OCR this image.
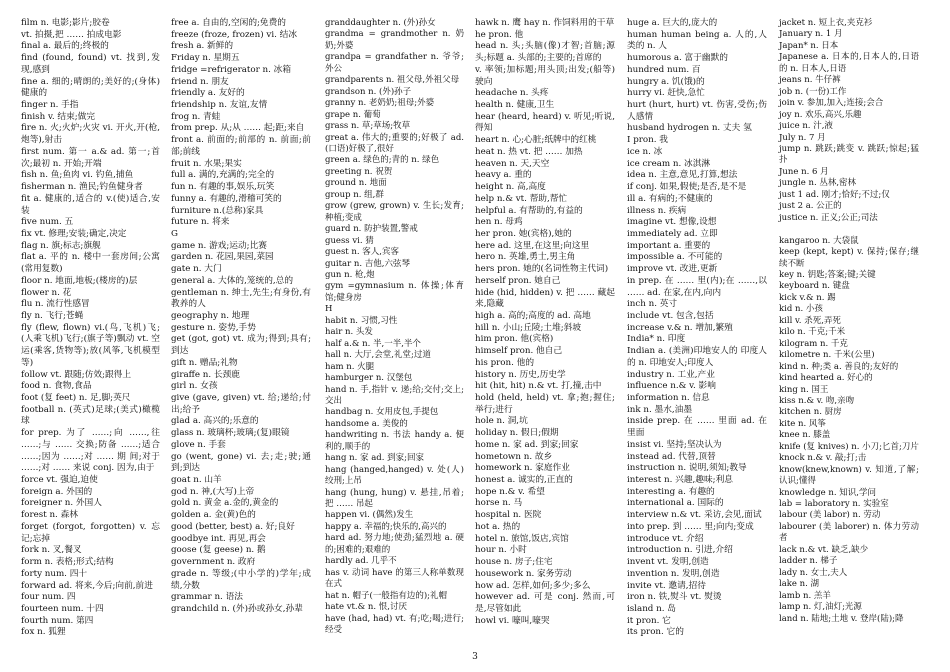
film n. 电影;影片;胶卷

vt. 拍摄,把 …… 拍成电影

final a. 最后的;终极的

find (found, found) vt. 找到,发现,感到

fine a. 细的;晴朗的;美好的;(身体)健康的

finger n. 手指

finish v. 结束;做完

fire n. 火;火炉;火灾 vi. 开火,开(枪,炮等),射击

first num. 第一 a.& ad. 第一;首次;最初 n. 开始;开端

fish n. 鱼;鱼肉 vi. 钓鱼,捕鱼

fisherman n. 渔民;钓鱼健身者

fit a. 健康的,适合的 v.(使)适合,安装

five num. 五

fix vt. 修理;安装;确定,决定

flag n. 旗;标志;旗舰

flat a. 平的 n. 楼中一套房间;公寓(常用复数)

floor n. 地面,地板;(楼房的)层

flower n. 花

flu n. 流行性感冒

fly n. 飞行;苍蝇

fly (flew, flown) vi.(鸟,飞机)飞;(人乘飞机)飞行;(旗子等)飘动 vt. 空运(乘客,货物等);放(风筝,飞机模型等)

follow vt. 跟随;仿效;跟得上

food n. 食物,食品

foot (复 feet) n. 足,脚;英尺

football n. (英式)足球;(美式)橄榄球

for prep. 为了 ……;向 ……,往 ……;与 …… 交换;防备 ……;适合 ……;因为 ……;对 …… 期 间;对于 ……;对 …… 来说 conj. 因为,由于

force vt. 强迫,迫使

foreign a. 外国的

foreigner n. 外国人

forest n. 森林

forget (forgot, forgotten) v. 忘记;忘掉

fork n. 叉,餐叉

form n. 表格;形式;结构

forty num. 四十

forward ad. 将来,今后;向前,前进

four num. 四

fourteen num. 十四

fourth num. 第四

fox n. 狐狸

free a. 自由的,空闲的;免费的

freeze (froze, frozen) vi. 结冰

fresh a. 新鲜的

Friday n. 星期五

fridge =refrigerator n. 冰箱

friend n. 朋友

friendly a. 友好的

friendship n. 友谊,友情

frog n. 青蛙

from prep. 从;从 …… 起;距;来自

front a. 前面的;前部的 n. 前面;前部;前线

fruit n. 水果;果实

full a. 满的,充满的;完全的

fun n. 有趣的事,娱乐,玩笑

funny a. 有趣的,滑稽可笑的

furniture n.(总称)家具

future n. 将来

G

game n. 游戏;运动;比赛

garden n. 花园,果园,菜园

gate n. 大门

general a. 大体的,笼统的,总的

gentleman n. 绅士,先生;有身份,有教养的人

geography n. 地理

gesture n. 姿势,手势

get (got, got) vt. 成为;得到;具有;到达

gift n. 赠品;礼物

giraffe n. 长颈鹿

girl n. 女孩

give (gave, given) vt. 给;递给;付出;给予

glad a. 高兴的;乐意的

glass n. 玻璃杯;玻璃;(复)眼镜

glove n. 手套

go (went, gone) vi. 去;走;驶;通到;到达

goat n. 山羊

god n. 神,(大写)上帝

gold n. 黄金 a.金的,黄金的

golden a. 金(黄)色的

good (better, best) a. 好;良好

goodbye int. 再见,再会

goose (复 geese) n. 鹅

government n. 政府

grade n. 等级;(中小学的)学年;成绩,分数

grammar n. 语法

grandchild n. (外)孙或孙女,孙辈

granddaughter n. (外)孙女

grandma = grandmother n. 奶奶;外婆

grandpa = grandfather n. 爷爷;外公

grandparents n. 祖父母,外祖父母

grandson n. (外)孙子

granny n. 老奶奶;祖母;外婆

grape n. 葡萄

grass n. 草;草场;牧草

great a. 伟大的;重要的;好极了 ad. (口语)好极了,很好

green a. 绿色的;青的 n. 绿色

greeting n. 祝贺

ground n. 地面

group n. 组,群

grow (grew, grown) v. 生长;发育;种植;变成

guard n. 防护装置,警戒

guess vi. 猜

guest n. 客人,宾客

guitar n. 吉他,六弦琴

gun n. 枪,炮

gym =gymnasium n. 体操;体育馆;健身房

H

habit n. 习惯,习性

hair n. 头发

half a.& n. 半,一半,半个

hall n. 大厅,会堂,礼堂;过道

ham n. 火腿

hamburger n. 汉堡包

hand n. 手,指针 v. 递;给;交付;交上;交出

handbag n. 女用皮包,手提包

handsome a. 美俊的

handwriting n. 书法 handy a. 便利的,顺手的

hang n. 家 ad. 到家;回家

hang (hanged,hanged) v. 处(人)绞刑;上吊

hang (hung, hung) v. 悬挂,吊着;把 …… 吊起

happen vi. (偶然)发生

happy a. 幸福的;快乐的,高兴的

hard ad. 努力地;使劲;猛烈地 a. 硬的;困难的;艰难的

hardly ad. 几乎不

has v. 动词 have 的第三人称单数现在式

hat n. 帽子(一般指有边的);礼帽

hate vt.& n. 恨,讨厌

have (had, had) vt. 有;吃;喝;进行;经受

hawk n. 鹰 hay n. 作饲料用的干草

he pron. 他

head n. 头;头脑(像)才智;首脑;源头;标题 a. 头部的;主要的;首席的

v. 率领;加标题;用头顶;出发;(船等)驶向

headache n. 头疼

health n. 健康,卫生

hear (heard, heard) v. 听见;听说,得知

heart n. 心;心脏;纸牌中的红桃

heat n. 热 vt. 把 …… 加热

heaven n. 天,天空

heavy a. 重的

height n. 高,高度

help n.& vt. 帮助,帮忙

helpful a. 有帮助的,有益的

hen n. 母鸡

her pron. 她(宾格),她的

here ad. 这里,在这里;向这里

hero n. 英雄,勇士,男主角

hers pron. 她的(名词性物主代词)

herself pron. 她自己

hide (hid, hidden) v. 把 …… 藏起来,隐藏

high a. 高的;高度的 ad. 高地

hill n. 小山;丘陵;土堆;斜坡

him pron. 他(宾格)

himself pron. 他自己

his pron. 他的

history n. 历史,历史学

hit (hit, hit) n.& vt. 打,撞,击中

hold (held, held) vt. 拿;抱;握住;举行;进行

hole n. 洞,坑

holiday n. 假日;假期

home n. 家 ad. 到家;回家

hometown n. 故乡

homework n. 家庭作业

honest a. 诚实的,正直的

hope n.& v. 希望

horse n. 马

hospital n. 医院

hot a. 热的

hotel n. 旅馆,饭店,宾馆

hour n. 小时

house n. 房子;住宅

housework n. 家务劳动

how ad. 怎样,如何;多少;多么

however ad. 可是 conj. 然而,可是,尽管如此

howl vi. 嚎叫,嚎哭

huge a. 巨大的,庞大的

human human being a. 人的,人类的 n. 人

humorous a. 富于幽默的

hundred num. 百

hungry a. 饥(饿)的

hurry vi. 赶快,急忙

hurt (hurt, hurt) vt. 伤害,受伤;伤人感情

husband hydrogen n. 丈夫 氢

I pron. 我

ice n. 冰

ice cream n. 冰淇淋

idea n. 主意,意见,打算,想法

if conj. 如果,假使;是否,是不是

ill a. 有病的;不健康的

illness n. 疾病

imagine vt. 想像,设想

immediately ad. 立即

important a. 重要的

impossible a. 不可能的

improve vt. 改进,更新

in prep. 在 …… 里(内);在 ……,以 …… ad. 在家,在内,向内

inch n. 英寸

include vt. 包含,包括

increase v.& n. 增加,繁殖

India* n. 印度

Indian a. (美洲)印地安人的 印度人的 n. 印地安人;印度人

industry n. 工业,产业

influence n.& v. 影响

information n. 信息

ink n. 墨水,油墨

inside prep. 在 …… 里面 ad. 在里面

insist vi. 坚持;坚决认为

instead ad. 代替,顶替

instruction n. 说明,须知;教导

interest n. 兴趣,趣味;利息

interesting a. 有趣的

international a. 国际的

interview n.& vt. 采访,会见,面试

into prep. 到 …… 里;向内;变成

introduce vt. 介绍

introduction n. 引进,介绍

invent vt. 发明,创造

invention n. 发明,创造

invite vt. 邀请,招待

iron n. 铁,熨斗 vt. 熨烫

island n. 岛

it pron. 它

its pron. 它的

jacket n. 短上衣,夹克衫

January n. 1 月

Japan* n. 日本

Japanese a. 日本的,日本人的,日语的 n. 日本人,日语

jeans n. 牛仔裤

job n. (一份)工作

join v. 参加,加入;连接;会合

joy n. 欢乐,高兴,乐趣

juice n. 汁,液

July n. 7 月

jump n. 跳跃;跳变 v. 跳跃;惊起;猛扑

June n. 6 月

jungle n. 丛林,密林

just 1 ad. 刚才;恰好;不过;仅

just 2 a. 公正的

justice n. 正义;公正;司法

kangaroo n. 大袋鼠

keep (kept, kept) v. 保持;保存;继续不断

key n. 钥匙;答案;键;关键

keyboard n. 键盘

kick v.& n. 踢

kid n. 小孩

kill v. 杀死,弄死

kilo n. 千克;千米

kilogram n. 千克

kilometre n. 千米(公里)

kind n. 种;类 a. 善良的;友好的

kind hearted a. 好心的

king n. 国王

kiss n.& v. 吻,亲吻

kitchen n. 厨房

kite n. 风筝

knee n. 膝盖

knife (复 knives) n. 小刀;匕首;刀片

knock n.& v. 敲;打;击

know(knew,known) v. 知道,了解;认识;懂得

knowledge n. 知识,学问

lab = laboratory n. 实验室

labour (美 labor) n. 劳动

labourer (美 laborer) n. 体力劳动者

lack n.& vt. 缺乏,缺少

ladder n. 梯子

lady n. 女士,夫人

lake n. 湖

lamb n. 羔羊

lamp n. 灯,油灯;光源

land n. 陆地;土地 v. 登岸(陆);降

3
